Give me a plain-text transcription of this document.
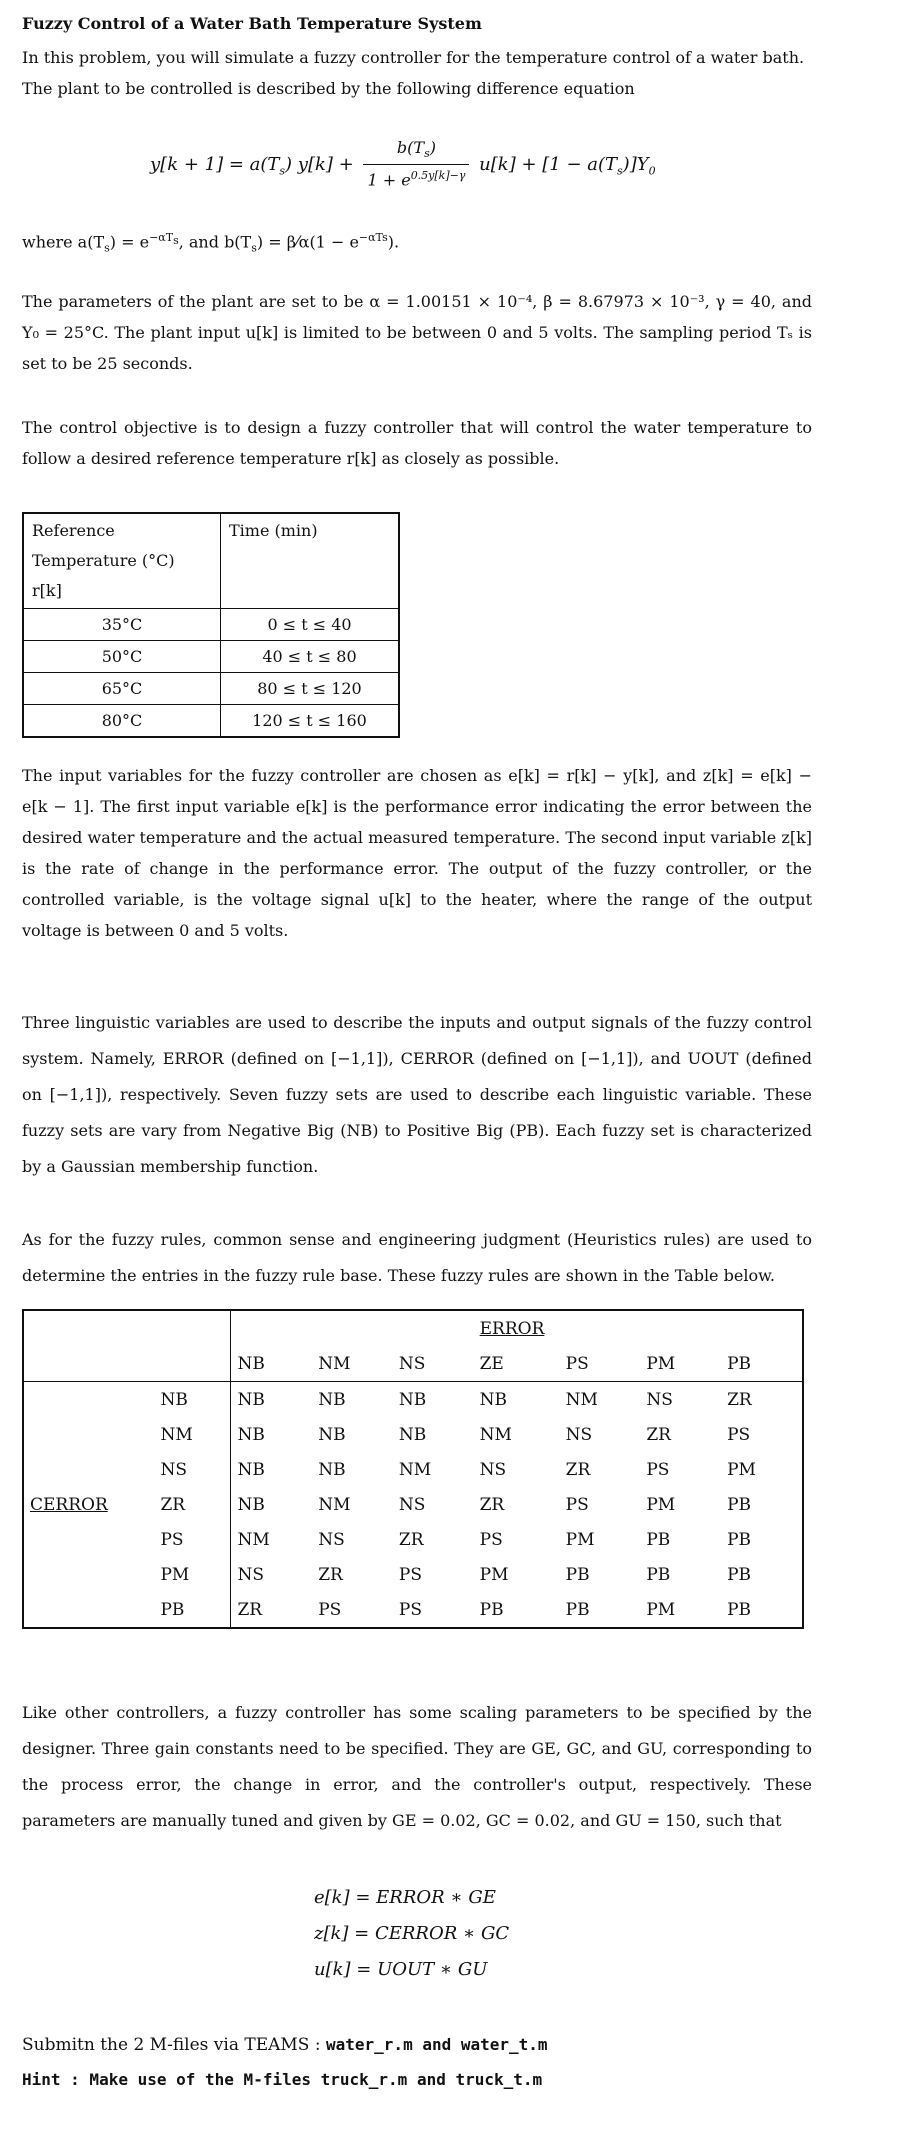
Fuzzy Control of a Water Bath Temperature System
In this problem, you will simulate a fuzzy controller for the temperature control of a water bath.
The plant to be controlled is described by the following difference equation
$y[k + 1] = a(T_s) y[k] + \frac{b(T_s)}{1 + e^{0.5y[k]-\gamma}} u[k] + [1 - a(T_s)]Y_0$
where $a(T_s) = e^{-\alpha T_s}$, and $b(T_s)$ = β⁄α(1 − $e^{-\alpha Ts}$).
The parameters of the plant are set to be α = 1.00151 × 10⁻⁴, β = 8.67973 × 10⁻³, γ = 40, and Y₀ = 25°C. The plant input u[k] is limited to be between 0 and 5 volts. The sampling period Tₛ is set to be 25 seconds.
The control objective is to design a fuzzy controller that will control the water temperature to follow a desired reference temperature r[k] as closely as possible.
Reference
Temperature (°C)
r[k]	Time (min)
35°C	0 ≤ t ≤ 40
50°C	40 ≤ t ≤ 80
65°C	80 ≤ t ≤ 120
80°C	120 ≤ t ≤ 160
The input variables for the fuzzy controller are chosen as e[k] = r[k] − y[k], and z[k] = e[k] − e[k − 1]. The first input variable e[k] is the performance error indicating the error between the desired water temperature and the actual measured temperature. The second input variable z[k] is the rate of change in the performance error. The output of the fuzzy controller, or the controlled variable, is the voltage signal u[k] to the heater, where the range of the output voltage is between 0 and 5 volts.
Three linguistic variables are used to describe the inputs and output signals of the fuzzy control system. Namely, ERROR (defined on [−1,1]), CERROR (defined on [−1,1]), and UOUT (defined on [−1,1]), respectively. Seven fuzzy sets are used to describe each linguistic variable. These fuzzy sets are vary from Negative Big (NB) to Positive Big (PB). Each fuzzy set is characterized by a Gaussian membership function.
As for the fuzzy rules, common sense and engineering judgment (Heuristics rules) are used to determine the entries in the fuzzy rule base. These fuzzy rules are shown in the Table below.
					ERROR			
		NB	NM	NS	ZE	PS	PM	PB
	NB	NB	NB	NB	NB	NM	NS	ZR
	NM	NB	NB	NB	NM	NS	ZR	PS
	NS	NB	NB	NM	NS	ZR	PS	PM
CERROR	ZR	NB	NM	NS	ZR	PS	PM	PB
	PS	NM	NS	ZR	PS	PM	PB	PB
	PM	NS	ZR	PS	PM	PB	PB	PB
	PB	ZR	PS	PS	PB	PB	PM	PB
Like other controllers, a fuzzy controller has some scaling parameters to be specified by the designer. Three gain constants need to be specified. They are GE, GC, and GU, corresponding to the process error, the change in error, and the controller's output, respectively. These parameters are manually tuned and given by GE = 0.02, GC = 0.02, and GU = 150, such that
e[k] = ERROR ∗ GE
z[k] = CERROR ∗ GC
u[k] = UOUT ∗ GU
Submitn the 2 M-files via TEAMS : water_r.m and water_t.m
Hint : Make use of the M-files truck_r.m and truck_t.m
